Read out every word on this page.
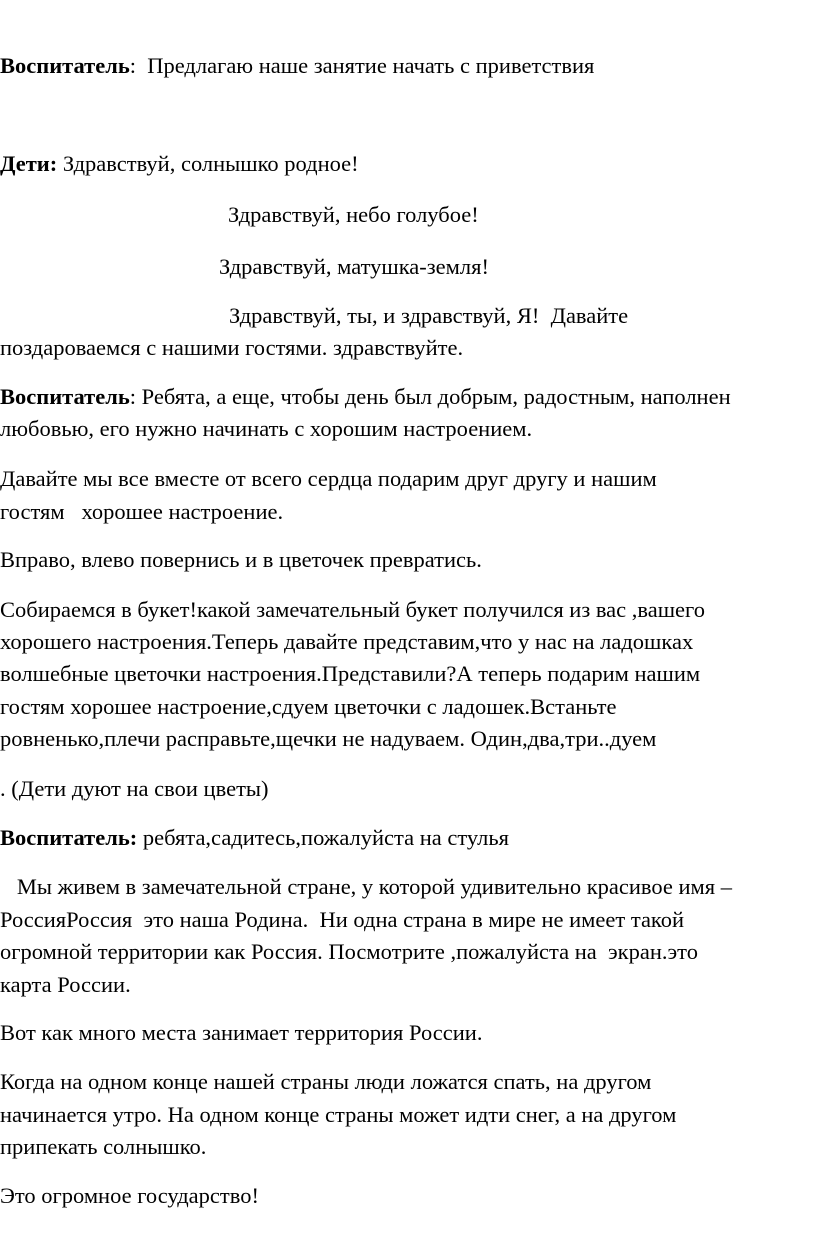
Воспитатель:  Предлагаю наше занятие начать с приветствия

Дети: Здравствуй, солнышко родное!

Здравствуй, небо голубое!

Здравствуй, матушка-земля!

Здравствуй, ты, и здравствуй, Я!  Давайте

поздароваемся с нашими гостями. здравствуйте.

Воспитатель: Ребята, а еще, чтобы день был добрым, радостным, наполнен

любовью, его нужно начинать с хорошим настроением.

Давайте мы все вместе от всего сердца подарим друг другу и нашим

гостям   хорошее настроение.

Вправо, влево повернись и в цветочек превратись.

Собираемся в букет!какой замечательный букет получился из вас ,вашего

хорошего настроения.Теперь давайте представим,что у нас на ладошках

волшебные цветочки настроения.Представили?А теперь подарим нашим

гостям хорошее настроение,сдуем цветочки с ладошек.Встаньте

ровненько,плечи расправьте,щечки не надуваем. Один,два,три..дуем

. (Дети дуют на свои цветы)

Воспитатель: ребята,садитесь,пожалуйста на стулья

Мы живем в замечательной стране, у которой удивительно красивое имя –

РоссияРоссия  это наша Родина.  Ни одна страна в мире не имеет такой

огромной территории как Россия. Посмотрите ,пожалуйста на  экран.это

карта России.

Вот как много места занимает территория России.

Когда на одном конце нашей страны люди ложатся спать, на другом

начинается утро. На одном конце страны может идти снег, а на другом

припекать солнышко.

Это огромное государство!
